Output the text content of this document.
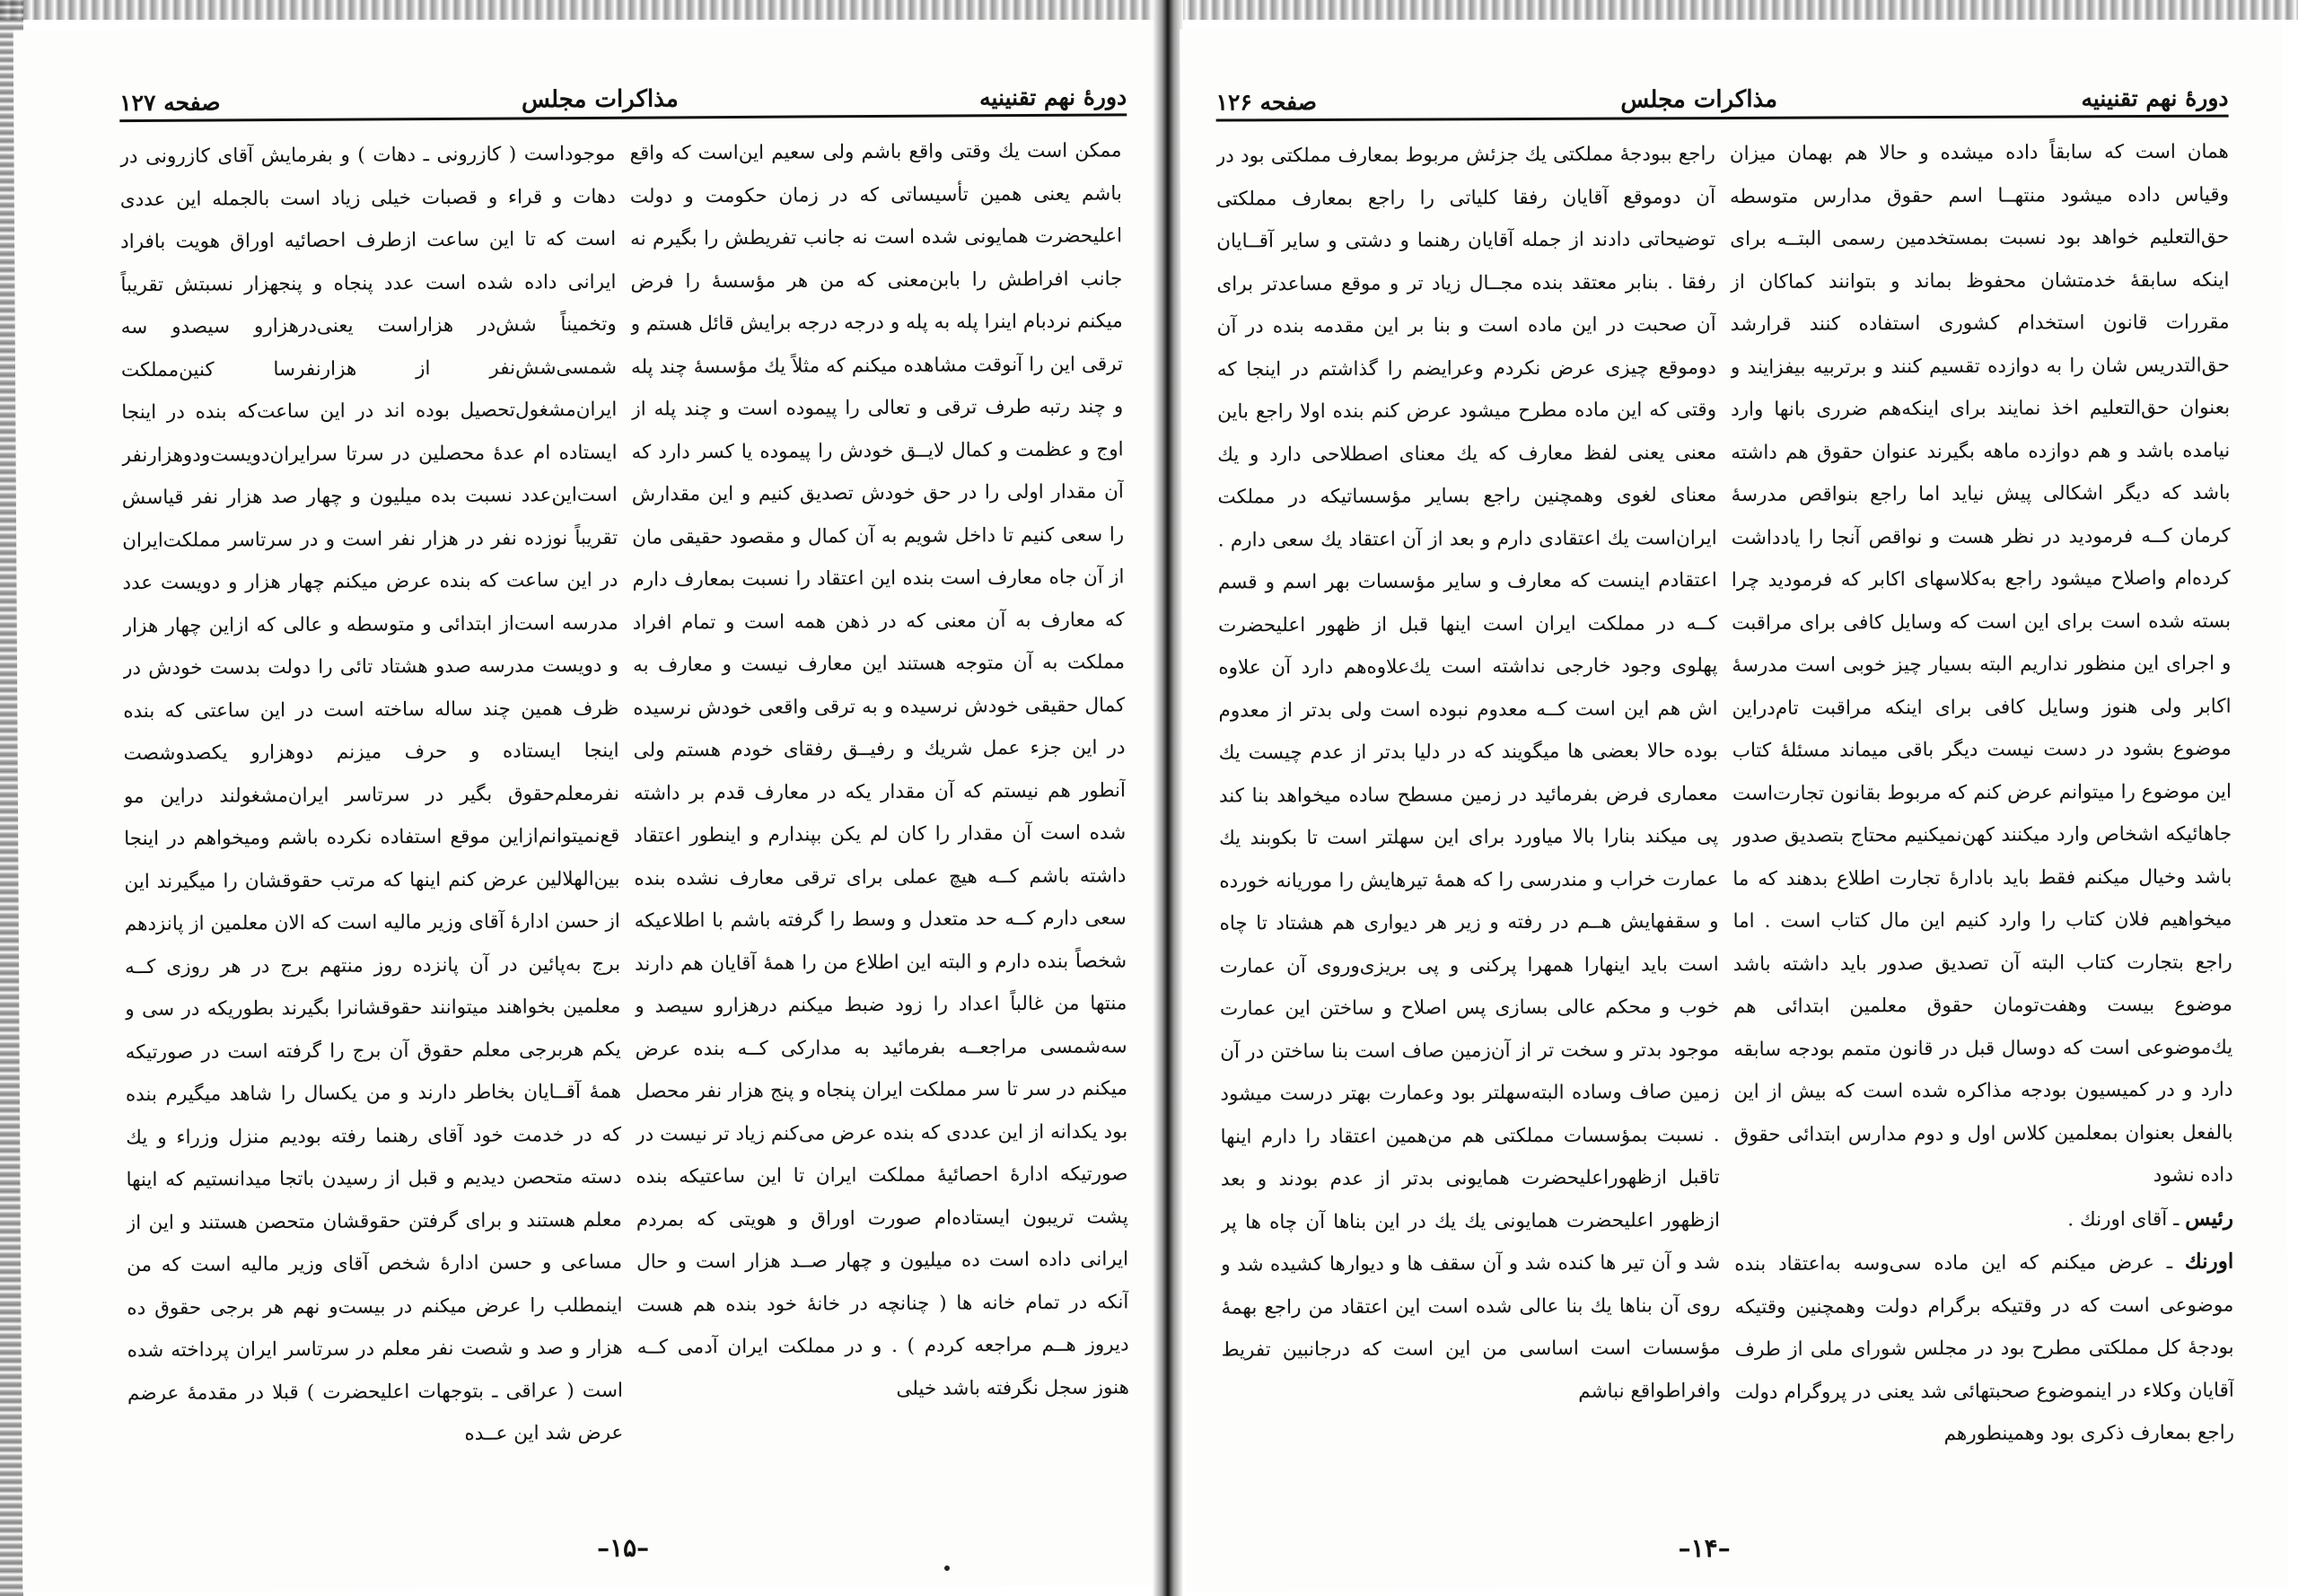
صفحه ۱۲۷	مذاکرات مجلس	دورهٔ نهم تقنینیه

ممکن است یك وقتی واقع باشم ولی سعیم این‌است که واقع باشم یعنی همین تأسیساتی که در زمان حکومت و دولت اعلیحضرت همایونی شده است نه جانب تفریطش را بگیرم نه جانب افراطش را بابن‌معنی که من هر مؤسسهٔ را فرض میکنم نردبام اینرا پله به پله و درجه درجه برایش قائل هستم و ترقی این را آنوقت مشاهده میکنم که مثلاً یك مؤسسهٔ چند پله و چند رتبه طرف ترقی و تعالی را پیموده است و چند پله از اوج و عظمت و کمال لایــق خودش را پیموده یا کسر دارد که آن مقدار اولی را در حق خودش تصدیق کنیم و این مقدارش را سعی کنیم تا داخل شویم به آن کمال و مقصود حقیقی مان از آن جاه معارف است بنده این اعتقاد را نسبت بمعارف دارم که معارف به آن معنی که در ذهن همه است و تمام افراد مملکت به آن متوجه هستند این معارف نیست و معارف به کمال حقیقی خودش نرسیده و به ترقی واقعی خودش نرسیده در این جزء عمل شریك و رفیــق رفقای خودم هستم ولی آنطور هم نیستم که آن مقدار یکه در معارف قدم بر داشته شده است آن مقدار را کان لم یکن بپندارم و اینطور اعتقاد داشته باشم کــه هیچ عملی برای ترقی معارف نشده بنده سعی دارم کــه حد متعدل و وسط را گرفته باشم با اطلاعیکه شخصاً بنده دارم و البته این اطلاع من را همهٔ آقایان هم دارند منتها من غالباً اعداد را زود ضبط میکنم درهزارو سیصد و سه‌شمسی مراجعــه بفرمائید به مدارکی کــه بنده عرض میکنم در سر تا سر مملکت ایران پنجاه و پنج هزار نفر محصل بود یکدانه از این عددی که بنده عرض می‌کنم زیاد تر نیست در صورتیکه ادارهٔ احصائیهٔ مملکت ایران تا این ساعتیکه بنده پشت تریبون ایستاده‌ام صورت اوراق و هویتی که بمردم ایرانی داده است ده میلیون و چهار صــد هزار است و حال آنکه در تمام خانه ها ( چنانچه در خانهٔ خود بنده هم هست دیروز هــم مراجعه کردم ) . و در مملکت ایران آدمی کــه هنوز سجل نگرفته باشد خیلی

موجوداست ( کازرونی ـ دهات ) و بفرمایش آقای کازرونی در دهات و قراء و قصبات خیلی زیاد است بالجمله این عددی است که تا این ساعت ازطرف احصائیه اوراق هویت بافراد ایرانی داده شده است عدد پنجاه و پنجهزار نسبتش تقریباً وتخمیناً شش‌در هزاراست یعنی‌درهزارو سیصدو سه شمسی‌شش‌نفر از هزارنفرسا کنین‌مملکت ایران‌مشغول‌تحصیل بوده اند در این ساعت‌که بنده در اینجا ایستاده ام عدهٔ محصلین در سرتا سرایران‌دویست‌ودوهزارنفر است‌این‌عدد نسبت بده میلیون و چهار صد هزار نفر قیاسش تقریباً نوزده نفر در هزار نفر است و در سرتاسر مملکت‌ایران در این ساعت که بنده عرض میکنم چهار هزار و دویست عدد مدرسه است‌از ابتدائی و متوسطه و عالی که ازاین چهار هزار و دویست مدرسه صدو هشتاد تائی را دولت بدست خودش در ظرف همین چند ساله ساخته است در این ساعتی که بنده اینجا ایستاده و حرف میزنم دوهزارو یکصدوشصت نفرمعلم‌حقوق بگیر در سرتاسر ایران‌مشغولند دراین مو قع‌نمیتوانم‌ازاین موقع استفاده نکرده باشم ومیخواهم در اینجا بین‌الهلالین عرض کنم اینها که مرتب حقوقشان را میگیرند این از حسن ادارهٔ آقای وزیر مالیه است که الان معلمین از پانزدهم برج به‌پائین در آن پانزده روز منتهم برج در هر روزی کــه معلمین بخواهند میتوانند حقوقشانرا بگیرند بطوریکه در سی و یکم هربرجی معلم حقوق آن برج را گرفته است در صورتیکه همهٔ آقــایان بخاطر دارند و من یکسال را شاهد میگیرم بنده که در خدمت خود آقای رهنما رفته بودیم منزل وزراء و یك دسته متحصن دیدیم و قبل از رسیدن باتجا میدانستیم که اینها معلم هستند و برای گرفتن حقوقشان متحصن هستند و این از مساعی و حسن ادارهٔ شخص آقای وزیر مالیه است که من اینمطلب را عرض میکنم در بیست‌و نهم هر برجی حقوق ده هزار و صد و شصت نفر معلم در سرتاسر ایران پرداخته شده است ( عراقی ـ بتوجهات اعلیحضرت ) قبلا در مقدمهٔ عرضم عرض شد این عــده

–۱۵–
صفحه ۱۲۶	مذاکرات مجلس	دورهٔ نهم تقنینیه

همان است که سابقاً داده میشده و حالا هم بهمان میزان وقیاس داده میشود منتهــا اسم حقوق مدارس متوسطه حق‌التعلیم خواهد بود نسبت بمستخدمین رسمی البتــه برای اینکه سابقهٔ خدمتشان محفوظ بماند و بتوانند کماکان از مقررات قانون استخدام کشوری استفاده کنند قرارشد حق‌التدریس شان را به دوازده تقسیم کنند و برتربیه بیفزایند و بعنوان حق‌التعلیم اخذ نمایند برای اینکه‌هم ضرری بانها وارد نیامده باشد و هم دوازده ماهه بگیرند عنوان حقوق هم داشته باشد که دیگر اشکالی پیش نیاید اما راجع بنواقص مدرسهٔ کرمان کــه فرمودید در نظر هست و نواقص آنجا را یادداشت کرده‌ام واصلاح میشود راجع به‌کلاسهای اکابر که فرمودید چرا بسته شده است برای این است که وسایل کافی برای مراقبت و اجرای این منظور نداریم البته بسیار چیز خوبی است مدرسهٔ اکابر ولی هنوز وسایل کافی برای اینکه مراقبت تام‌دراین موضوع بشود در دست نیست دیگر باقی میماند مسئلهٔ کتاب این موضوع را میتوانم عرض کنم که مربوط بقانون تجارت‌است جاهائیکه اشخاص وارد میکنند کهن‌نمیکنیم محتاج بتصدیق صدور باشد وخیال میکنم فقط باید بادارهٔ تجارت اطلاع بدهند که ما میخواهیم فلان کتاب را وارد کنیم این مال کتاب است . اما راجع بتجارت کتاب البته آن تصدیق صدور باید داشته باشد موضوع بیست وهفت‌تومان حقوق معلمین ابتدائی هم یك‌موضوعی است که دوسال قبل در قانون متمم بودجه سابقه دارد و در کمیسیون بودجه مذاکره شده است که بیش از این بالفعل بعنوان بمعلمین کلاس اول و دوم مدارس ابتدائی حقوق داده نشود

رئیس ـ آقای اورنك .

اورنك ـ عرض میکنم که این ماده سی‌وسه به‌اعتقاد بنده موضوعی است که در وقتیکه برگرام دولت وهمچنین وقتیکه بودجهٔ کل مملکتی مطرح بود در مجلس شورای ملی از طرف آقایان وکلاء در اینموضوع صحبتهائی شد یعنی در پروگرام دولت راجع بمعارف ذکری بود وهمینطورهم

راجع ببودجهٔ مملکتی یك جزئش مربوط بمعارف مملکتی بود در آن دوموقع آقایان رفقا کلیاتی را راجع بمعارف مملکتی توضیحاتی دادند از جمله آقایان رهنما و دشتی و سایر آقــایان رفقا . بنابر معتقد بنده مجــال زیاد تر و موقع مساعدتر برای آن صحبت در این ماده است و بنا بر این مقدمه بنده در آن دوموقع چیزی عرض نکردم وعرایضم را گذاشتم در اینجا که وقتی که این ماده مطرح میشود عرض کنم بنده اولا راجع باین معنی یعنی لفظ معارف که یك معنای اصطلاحی دارد و یك معنای لغوی وهمچنین راجع بسایر مؤسساتیکه در مملکت ایران‌است یك اعتقادی دارم و بعد از آن اعتقاد یك سعی دارم . اعتقادم اینست که معارف و سایر مؤسسات بهر اسم و قسم کــه در مملکت ایران است اینها قبل از ظهور اعلیحضرت پهلوی وجود خارجی نداشته است یك‌علاوه‌هم دارد آن علاوه اش هم این است کــه معدوم نبوده است ولی بدتر از معدوم بوده حالا بعضی ها میگویند که در دلیا بدتر از عدم چیست یك معماری فرض بفرمائید در زمین مسطح ساده میخواهد بنا کند پی میکند بنارا بالا میاورد برای این سهلتر است تا بکوبند یك عمارت خراب و مندرسی را که همهٔ تیرهایش را موریانه خورده و سقفهایش هــم در رفته و زیر هر دیواری هم هشتاد تا چاه است باید اینهارا همهرا پرکنی و پی بریزی‌وروی آن عمارت خوب و محکم عالی بسازی پس اصلاح و ساختن این عمارت موجود بدتر و سخت تر از آن‌زمین صاف است بنا ساختن در آن زمین صاف وساده البته‌سهلتر بود وعمارت بهتر درست میشود . نسبت بمؤسسات مملکتی هم من‌همین اعتقاد را دارم اینها تاقبل ازظهوراعلیحضرت همایونی بدتر از عدم بودند و بعد ازظهور اعلیحضرت همایونی یك یك در این بناها آن چاه ها پر شد و آن تیر ها کنده شد و آن سقف ها و دیوارها کشیده شد و روی آن بناها یك بنا عالی شده است این اعتقاد من راجع بهمهٔ مؤسسات است اساسی من این است که درجانبین تفریط وافراطواقع نباشم

–۱۴–
